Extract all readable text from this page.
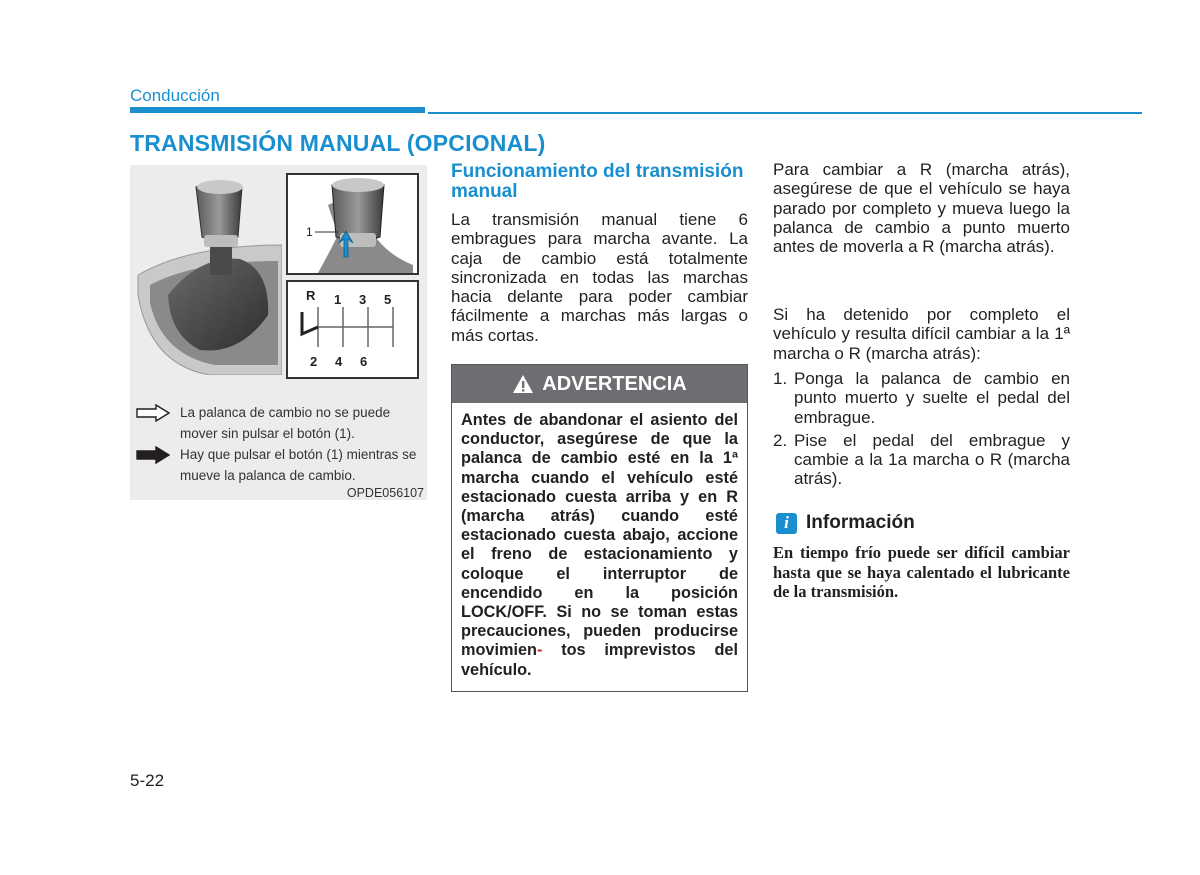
Conducción
TRANSMISIÓN MANUAL (OPCIONAL)
1
R 1 3 5
2 4 6
La palanca de cambio no se puede mover sin pulsar el botón (1).
Hay que pulsar el botón (1) mientras se mueve la palanca de cambio.
OPDE056107
Funcionamiento del transmisión manual

La transmisión manual tiene 6 embragues para marcha avante. La caja de cambio está totalmente sincronizada en todas las marchas hacia delante para poder cambiar fácilmente a marchas más largas o más cortas.

ADVERTENCIA

Antes de abandonar el asiento del conductor, asegúrese de que la palanca de cambio esté en la 1ª marcha cuando el vehículo esté estacionado cuesta arriba y en R (marcha atrás) cuando esté estacionado cuesta abajo, accione el freno de estacionamiento y coloque el interruptor de encendido en la posición LOCK/OFF. Si no se toman estas precauciones, pueden producirse movimien- tos imprevistos del vehículo.

Para cambiar a R (marcha atrás), asegúrese de que el vehículo se haya parado por completo y mueva luego la palanca de cambio a punto muerto antes de moverla a R (marcha atrás).

Si ha detenido por completo el vehículo y resulta difícil cambiar a la 1ª marcha o R (marcha atrás):

1. Ponga la palanca de cambio en punto muerto y suelte el pedal del embrague.
2. Pise el pedal del embrague y cambie a la 1a marcha o R (marcha atrás).
i Información

En tiempo frío puede ser difícil cambiar hasta que se haya calentado el lubricante de la transmisión.

5-22
